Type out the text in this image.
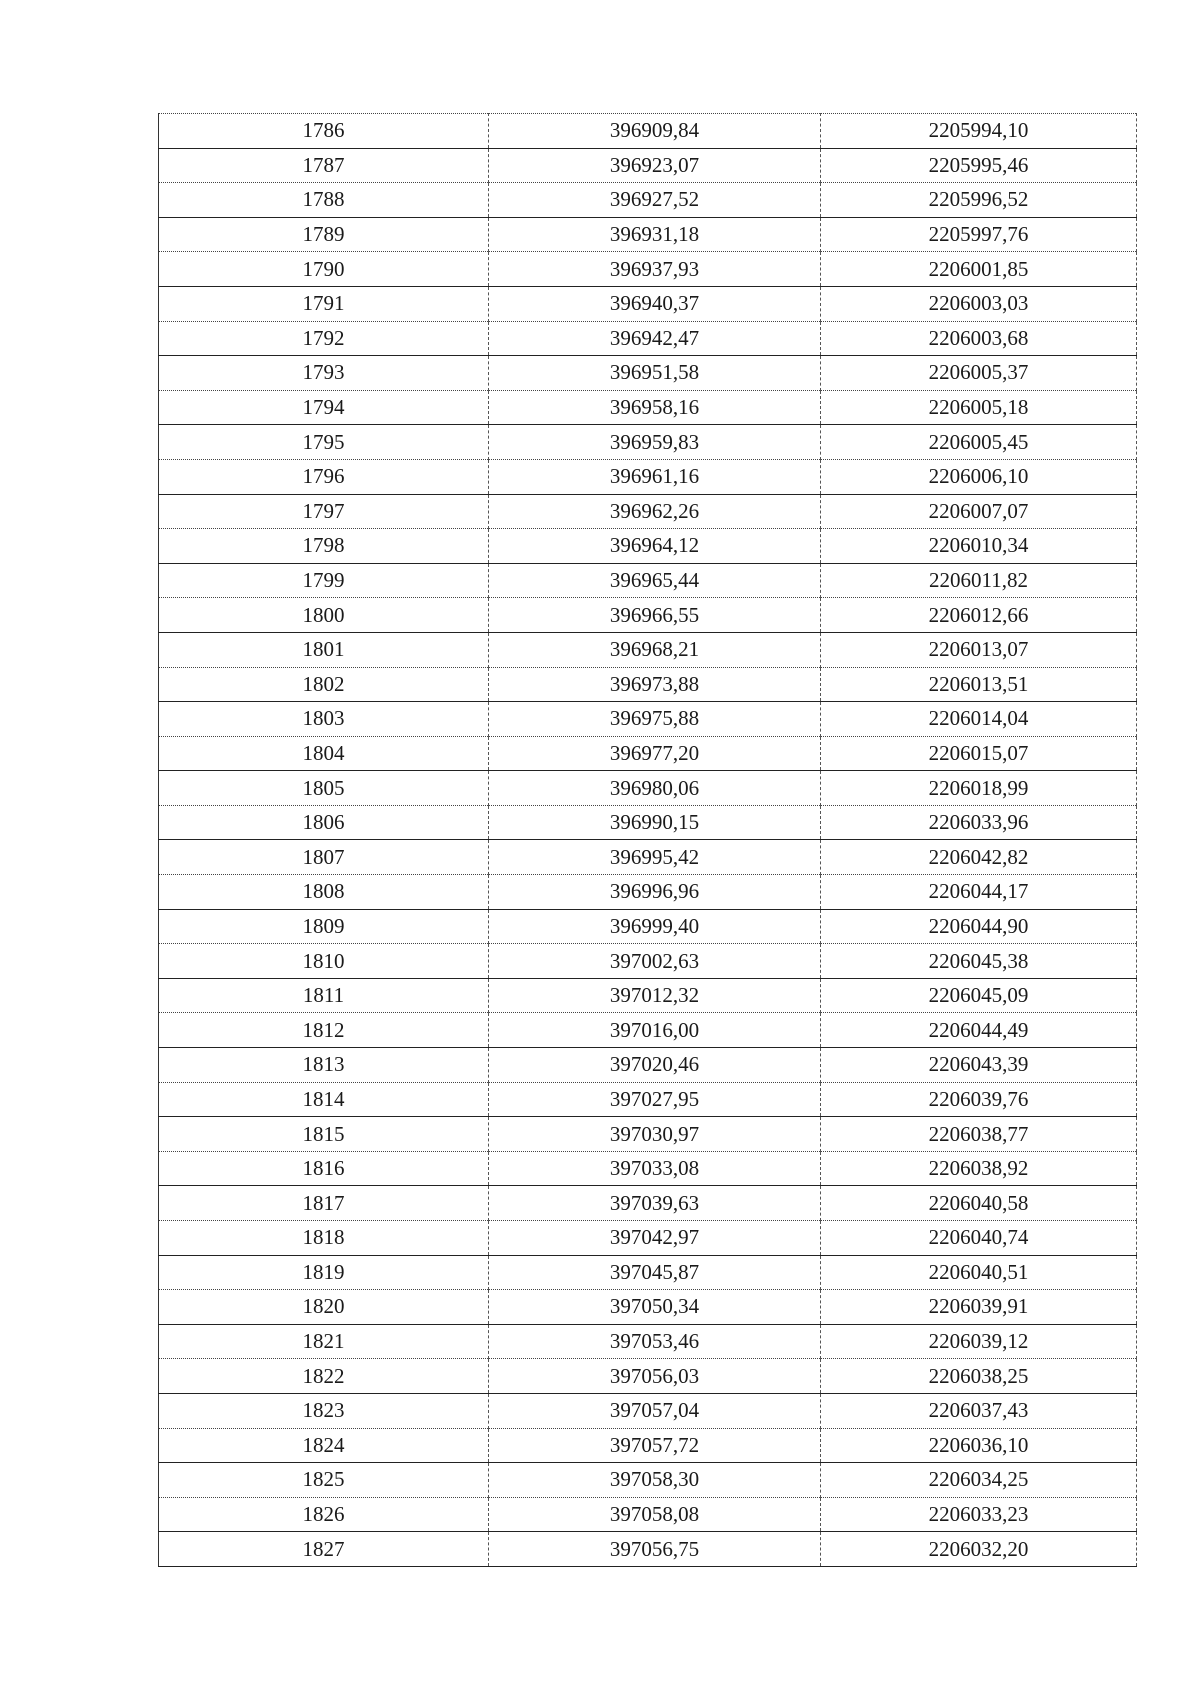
1786	396909,84	2205994,10
1787	396923,07	2205995,46
1788	396927,52	2205996,52
1789	396931,18	2205997,76
1790	396937,93	2206001,85
1791	396940,37	2206003,03
1792	396942,47	2206003,68
1793	396951,58	2206005,37
1794	396958,16	2206005,18
1795	396959,83	2206005,45
1796	396961,16	2206006,10
1797	396962,26	2206007,07
1798	396964,12	2206010,34
1799	396965,44	2206011,82
1800	396966,55	2206012,66
1801	396968,21	2206013,07
1802	396973,88	2206013,51
1803	396975,88	2206014,04
1804	396977,20	2206015,07
1805	396980,06	2206018,99
1806	396990,15	2206033,96
1807	396995,42	2206042,82
1808	396996,96	2206044,17
1809	396999,40	2206044,90
1810	397002,63	2206045,38
1811	397012,32	2206045,09
1812	397016,00	2206044,49
1813	397020,46	2206043,39
1814	397027,95	2206039,76
1815	397030,97	2206038,77
1816	397033,08	2206038,92
1817	397039,63	2206040,58
1818	397042,97	2206040,74
1819	397045,87	2206040,51
1820	397050,34	2206039,91
1821	397053,46	2206039,12
1822	397056,03	2206038,25
1823	397057,04	2206037,43
1824	397057,72	2206036,10
1825	397058,30	2206034,25
1826	397058,08	2206033,23
1827	397056,75	2206032,20
